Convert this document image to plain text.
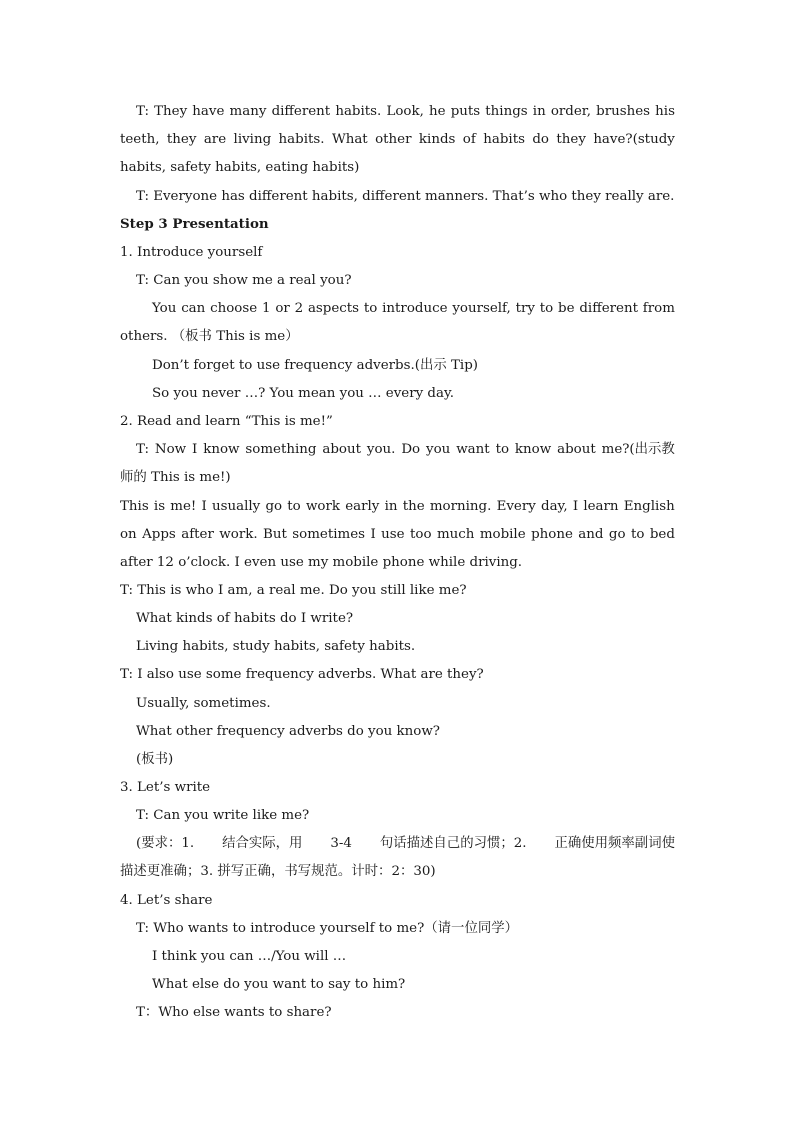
T: They have many different habits. Look, he puts things in order, brushes his
teeth, they are living habits. What other kinds of habits do they have?(study
habits, safety habits, eating habits)
T: Everyone has different habits, different manners. That’s who they really are.
Step 3 Presentation
1. Introduce yourself
T: Can you show me a real you?
You can choose 1 or 2 aspects to introduce yourself, try to be different from
others. （板书 This is me）
Don’t forget to use frequency adverbs.(出示 Tip)
So you never …? You mean you … every day.
2. Read and learn “This is me!”
T: Now I know something about you. Do you want to know about me?(出示教
师的 This is me!)
This is me! I usually go to work early in the morning. Every day, I learn English
on Apps after work. But sometimes I use too much mobile phone and go to bed
after 12 o’clock. I even use my mobile phone while driving.
T: This is who I am, a real me. Do you still like me?
What kinds of habits do I write?
Living habits, study habits, safety habits.
T: I also use some frequency adverbs. What are they?
Usually, sometimes.
What other frequency adverbs do you know?
(板书)
3. Let’s write
T: Can you write like me?
(要求：1. 结合实际，用 3-4 句话描述自己的习惯；2. 正确使用频率副词使
描述更准确；3. 拼写正确，书写规范。计时：2：30)
4. Let’s share
T: Who wants to introduce yourself to me?（请一位同学）
I think you can …/You will …
What else do you want to say to him?
T：Who else wants to share?
